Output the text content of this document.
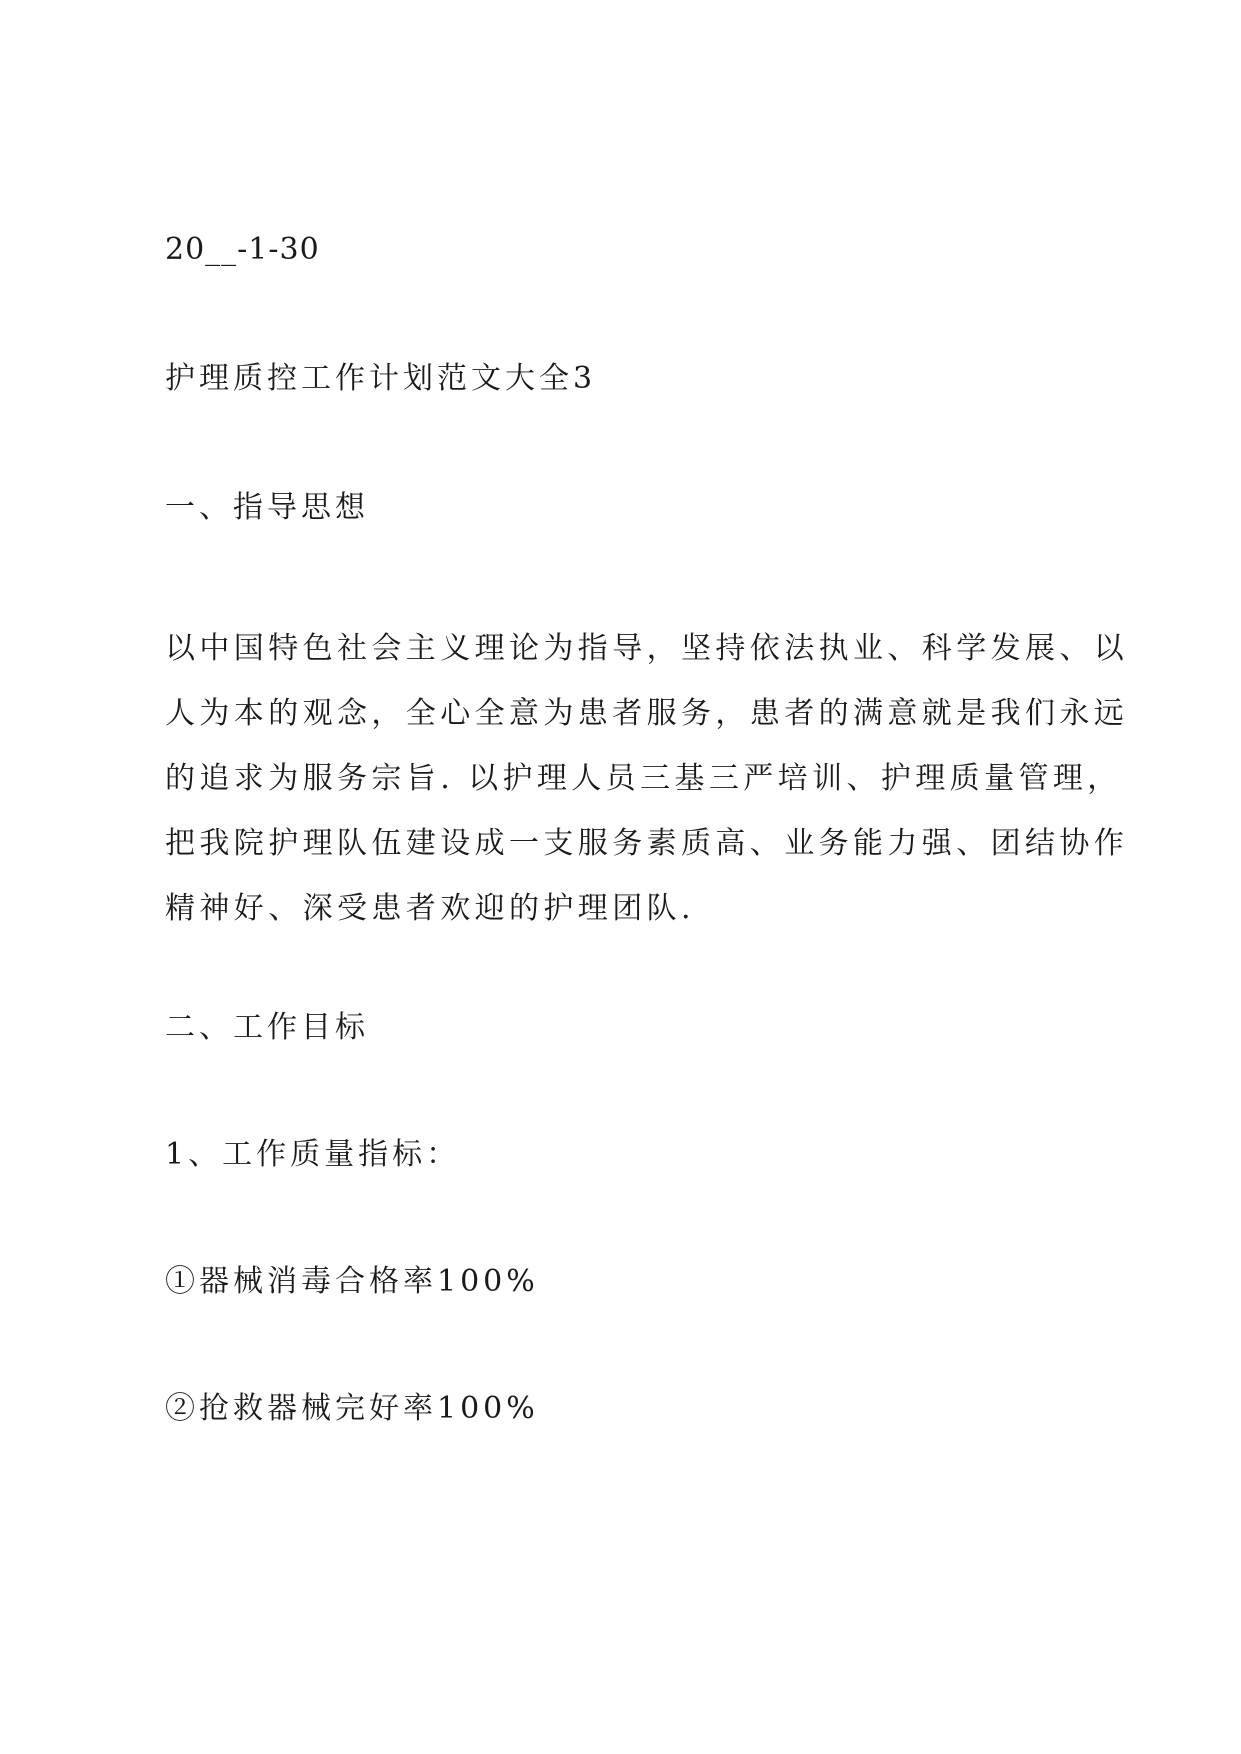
20__-1-30
护理质控工作计划范文大全3
一、指导思想
以中国特色社会主义理论为指导，坚持依法执业、科学发展、以
人为本的观念，全心全意为患者服务，患者的满意就是我们永远
的追求为服务宗旨. 以护理人员三基三严培训、护理质量管理，
把我院护理队伍建设成一支服务素质高、业务能力强、团结协作
精神好、深受患者欢迎的护理团队.
二、工作目标
1、工作质量指标：
①器械消毒合格率100%
②抢救器械完好率100%
